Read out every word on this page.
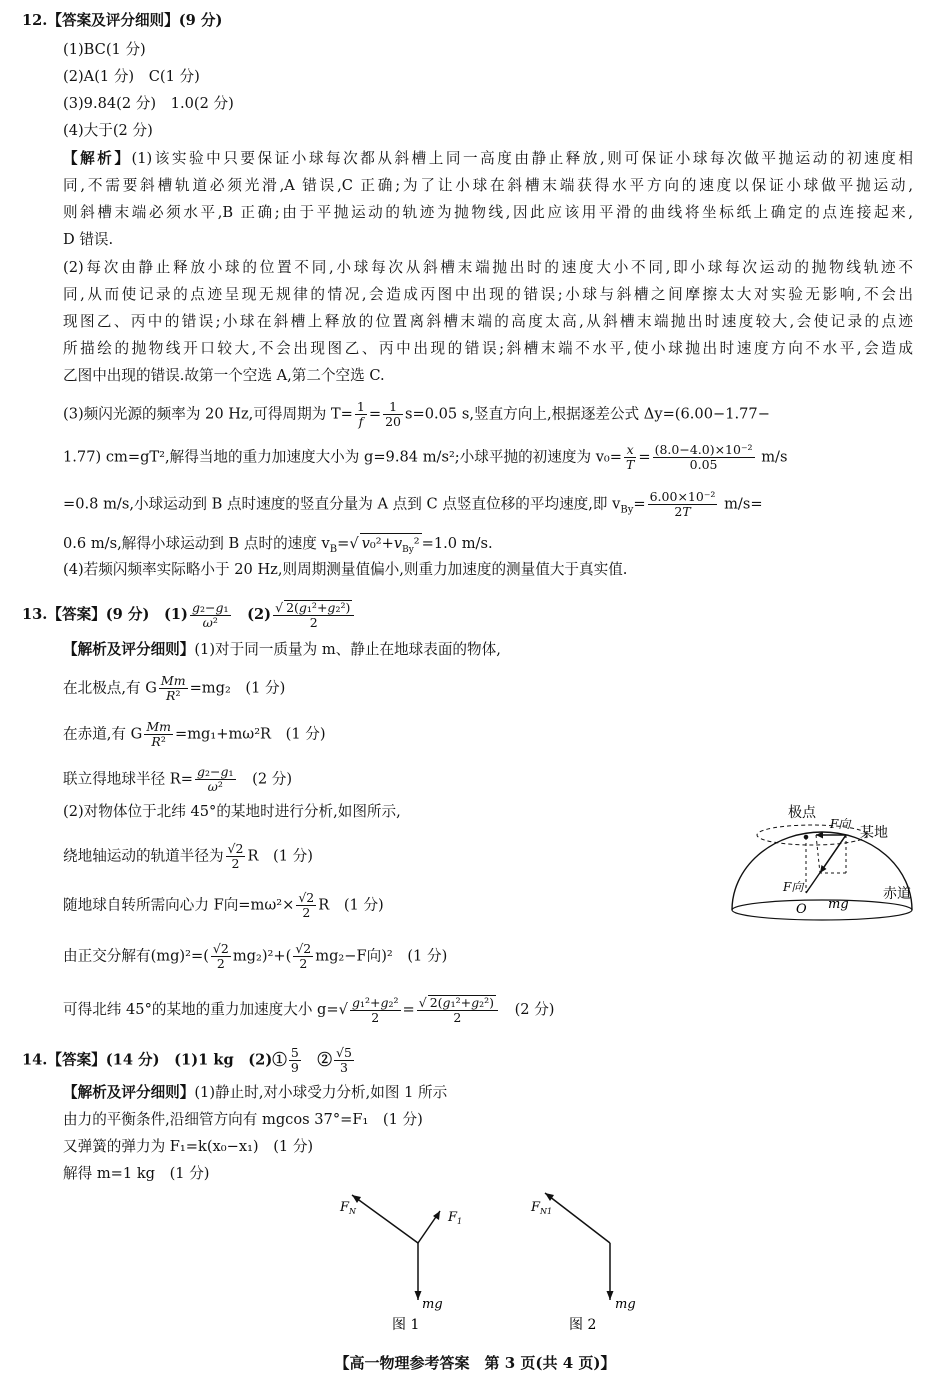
12.【答案及评分细则】(9 分)
(1)BC(1 分)
(2)A(1 分)　C(1 分)
(3)9.84(2 分)　1.0(2 分)
(4)大于(2 分)
【解析】(1)该实验中只要保证小球每次都从斜槽上同一高度由静止释放,则可保证小球每次做平抛运动的初速度相
同,不需要斜槽轨道必须光滑,A 错误,C 正确;为了让小球在斜槽末端获得水平方向的速度以保证小球做平抛运动,
则斜槽末端必须水平,B 正确;由于平抛运动的轨迹为抛物线,因此应该用平滑的曲线将坐标纸上确定的点连接起来,
D 错误.
(2)每次由静止释放小球的位置不同,小球每次从斜槽末端抛出时的速度大小不同,即小球每次运动的抛物线轨迹不
同,从而使记录的点迹呈现无规律的情况,会造成丙图中出现的错误;小球与斜槽之间摩擦太大对实验无影响,不会出
现图乙、丙中的错误;小球在斜槽上释放的位置离斜槽末端的高度太高,从斜槽末端抛出时速度较大,会使记录的点迹
所描绘的抛物线开口较大,不会出现图乙、丙中出现的错误;斜槽末端不水平,使小球抛出时速度方向不水平,会造成
乙图中出现的错误.故第一个空选 A,第二个空选 C.
(3)频闪光源的频率为 20 Hz,可得周期为 $T= \frac{1}{f} = \frac{1}{20} s=0.05$ s,竖直方向上,根据逐差公式 Δy=(6.00−1.77−
1.77) cm=gT²,解得当地的重力加速度大小为 g=9.84 m/s²;小球平抛的初速度为 $v_0= \frac{x}{T} = \frac{\text{(8.0−4.0)×10⁻²}}{0.05} m/s$
=0.8 m/s,小球运动到 B 点时速度的竖直分量为 A 点到 C 点竖直位移的平均速度,即 $v_{By}= \frac{\text{6.00×10⁻²}}{2T} m/s=$
0.6 m/s,解得小球运动到 B 点时的速度 $v_B=√$ $v_0^2+v_{By}^2 =1.0$ m/s.
(4)若频闪频率实际略小于 20 Hz,则周期测量值偏小,则重力加速度的测量值大于真实值.
13.【答案】(9 分)　$(1) \frac{\text{g₂−g₁}}{\text{ω²}}$
　 $(2) \frac{\text{√ 2(g₁²+g₂²)}}{2}$
【解析及评分细则】(1)对于同一质量为 m、静止在地球表面的物体,
在北极点,有 G $\frac{Mm}{\text{R²}} =mg_2$　(1 分)
在赤道,有 G $\frac{Mm}{\text{R²}} =mg_1+m\omega^2R$　(1 分)
联立得地球半径 $R= \frac{\text{g₂−g₁}}{\text{ω²}}$ 　(2 分)
(2)对物体位于北纬 45°的某地时进行分析,如图所示,
绕地轴运动的轨道半径为 $\frac{√2}{2}$ R　(1 分)
随地球自转所需向心力 F向$=m\omega^2\times \frac{√2}{2}$ R　(1 分)
由正交分解有$(mg)^2=( \frac{√2}{2} mg_2)^2+( \frac{√2}{2} mg_2-F$向)²　(1 分)
可得北纬 45°的某地的重力加速度大小 $g=√ \frac{\text{g₁²+g₂²}}{2} = \frac{\text{√ 2(g₁²+g₂²)}}{2}$
　 (2 分)
极点
某地
赤道
F向
F向
O mg
14.【答案】(14 分)　(1)1 kg　(2)① $\frac{5}{9}$
　 ② $\frac{√5}{3}$
【解析及评分细则】(1)静止时,对小球受力分析,如图 1 所示
由力的平衡条件,沿细管方向有 mgcos 37°=F₁　(1 分)
又弹簧的弹力为 F₁=k(x₀−x₁)　(1 分)
解得 m=1 kg　(1 分)
$F_N$	$F_1$
mg
图 1
$F_{N1}$
mg
图 2
【高一物理参考答案　第 3 页(共 4 页)】
